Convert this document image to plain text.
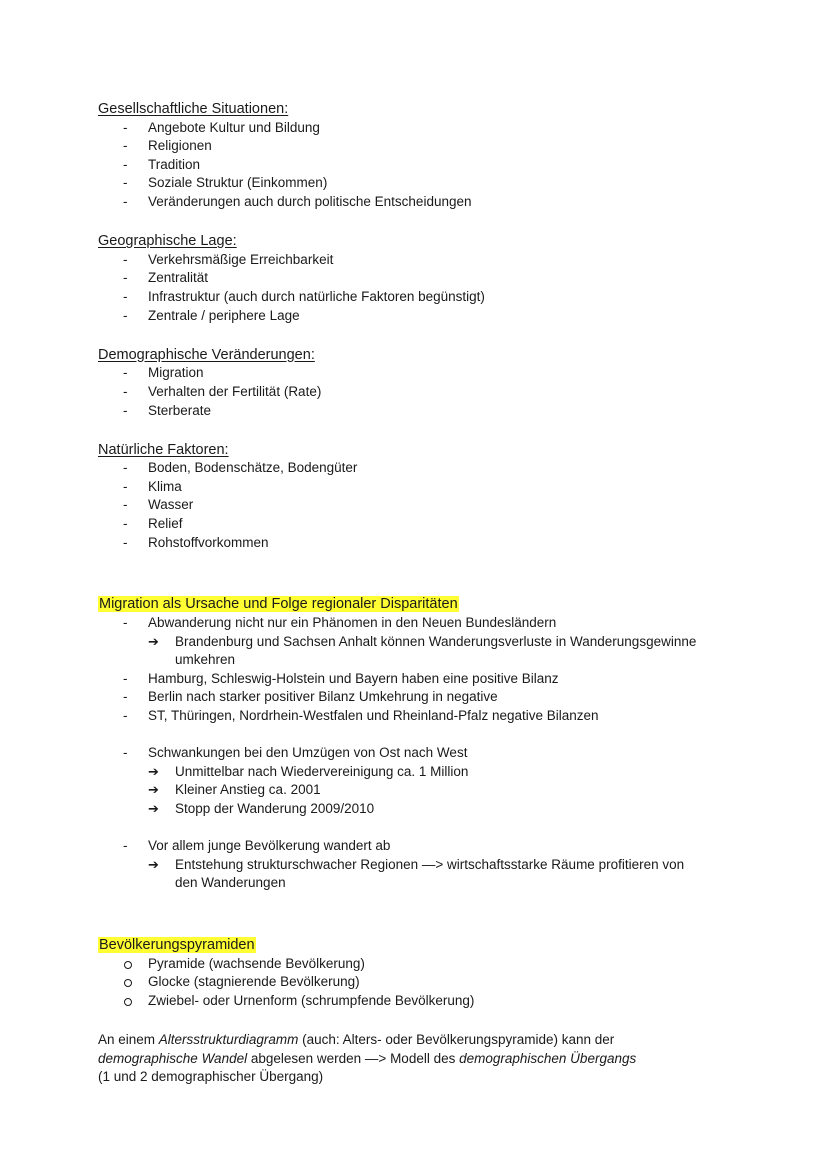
Gesellschaftliche Situationen:
- Angebote Kultur und Bildung
- Religionen
- Tradition
- Soziale Struktur (Einkommen)
- Veränderungen auch durch politische Entscheidungen
Geographische Lage:
- Verkehrsmäßige Erreichbarkeit
- Zentralität
- Infrastruktur (auch durch natürliche Faktoren begünstigt)
- Zentrale / periphere Lage
Demographische Veränderungen:
- Migration
- Verhalten der Fertilität (Rate)
- Sterberate
Natürliche Faktoren:
- Boden, Bodenschätze, Bodengüter
- Klima
- Wasser
- Relief
- Rohstoffvorkommen
Migration als Ursache und Folge regionaler Disparitäten
- Abwanderung nicht nur ein Phänomen in den Neuen Bundesländern
➔ Brandenburg und Sachsen Anhalt können Wanderungsverluste in Wanderungsgewinne
umkehren
- Hamburg, Schleswig-Holstein und Bayern haben eine positive Bilanz
- Berlin nach starker positiver Bilanz Umkehrung in negative
- ST, Thüringen, Nordrhein-Westfalen und Rheinland-Pfalz negative Bilanzen
- Schwankungen bei den Umzügen von Ost nach West
➔ Unmittelbar nach Wiedervereinigung ca. 1 Million
➔ Kleiner Anstieg ca. 2001
➔ Stopp der Wanderung 2009/2010
- Vor allem junge Bevölkerung wandert ab
➔ Entstehung strukturschwacher Regionen —> wirtschaftsstarke Räume profitieren von
den Wanderungen
Bevölkerungspyramiden
Pyramide (wachsende Bevölkerung)
Glocke (stagnierende Bevölkerung)
Zwiebel- oder Urnenform (schrumpfende Bevölkerung)
An einem Altersstrukturdiagramm (auch: Alters- oder Bevölkerungspyramide) kann der
demographische Wandel abgelesen werden —> Modell des demographischen Übergangs
(1 und 2 demographischer Übergang)
